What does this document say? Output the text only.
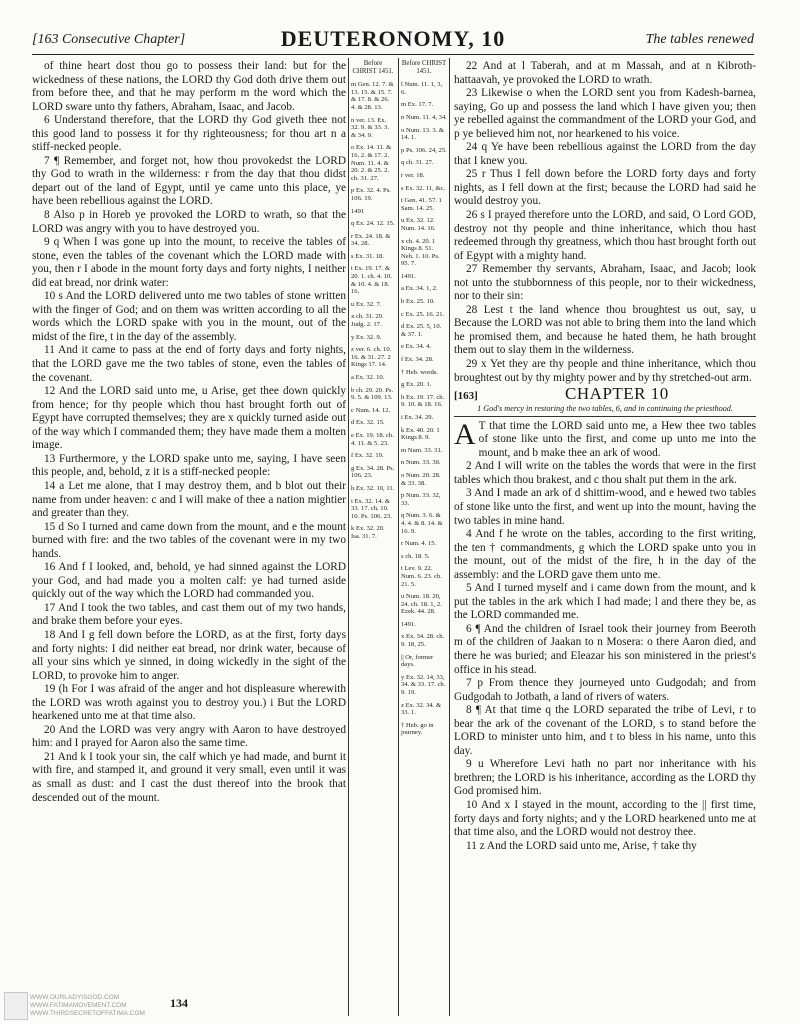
[163 Consecutive Chapter]	DEUTERONOMY, 10	The tables renewed

of thine heart dost thou go to possess their land: but for the wickedness of these nations, the LORD thy God doth drive them out from before thee, and that he may perform m the word which the LORD sware unto thy fathers, Abraham, Isaac, and Jacob.

6 Understand therefore, that the LORD thy God giveth thee not this good land to possess it for thy righteousness; for thou art n a stiff-necked people.

7 ¶ Remember, and forget not, how thou provokedst the LORD thy God to wrath in the wilderness: r from the day that thou didst depart out of the land of Egypt, until ye came unto this place, ye have been rebellious against the LORD.

8 Also p in Horeb ye provoked the LORD to wrath, so that the LORD was angry with you to have destroyed you.

9 q When I was gone up into the mount, to receive the tables of stone, even the tables of the covenant which the LORD made with you, then r I abode in the mount forty days and forty nights, I neither did eat bread, nor drink water:

10 s And the LORD delivered unto me two tables of stone written with the finger of God; and on them was written according to all the words which the LORD spake with you in the mount, out of the midst of the fire, t in the day of the assembly.

11 And it came to pass at the end of forty days and forty nights, that the LORD gave me the two tables of stone, even the tables of the covenant.

12 And the LORD said unto me, u Arise, get thee down quickly from hence; for thy people which thou hast brought forth out of Egypt have corrupted themselves; they are x quickly turned aside out of the way which I commanded them; they have made them a molten image.

13 Furthermore, y the LORD spake unto me, saying, I have seen this people, and, behold, z it is a stiff-necked people:

14 a Let me alone, that I may destroy them, and b blot out their name from under heaven: c and I will make of thee a nation mightier and greater than they.

15 d So I turned and came down from the mount, and e the mount burned with fire: and the two tables of the covenant were in my two hands.

16 And f I looked, and, behold, ye had sinned against the LORD your God, and had made you a molten calf: ye had turned aside quickly out of the way which the LORD had commanded you.

17 And I took the two tables, and cast them out of my two hands, and brake them before your eyes.

18 And I g fell down before the LORD, as at the first, forty days and forty nights: I did neither eat bread, nor drink water, because of all your sins which ye sinned, in doing wickedly in the sight of the LORD, to provoke him to anger.

19 (h For I was afraid of the anger and hot displeasure wherewith the LORD was wroth against you to destroy you.) i But the LORD hearkened unto me at that time also.

20 And the LORD was very angry with Aaron to have destroyed him: and I prayed for Aaron also the same time.

21 And k I took your sin, the calf which ye had made, and burnt it with fire, and stamped it, and ground it very small, even until it was as small as dust: and I cast the dust thereof into the brook that descended out of the mount.

Before CHRIST 1451.
m Gen. 12. 7. & 13. 15. & 15. 7. & 17. 8. & 26. 4. & 28. 13.
n ver. 13. Ex. 32. 9. & 33. 3. & 34. 9.
o Ex. 14. 11. & 16. 2. & 17. 2. Num. 11. 4. & 20. 2. & 25. 2. ch. 31. 27.
p Ex. 32. 4. Ps. 106. 19.
1491
q Ex. 24. 12. 15.
r Ex. 24. 18. & 34. 28.
s Ex. 31. 18.
t Ex. 19. 17. & 20. 1. ch. 4. 10. & 10. 4. & 18. 16.
u Ex. 32. 7.
x ch. 31. 29. Judg. 2. 17.
y Ex. 32. 9.
z ver. 6. ch. 10. 16. & 31. 27. 2 Kings 17. 14.
a Ex. 32. 10.
b ch. 29. 20. Ps. 9. 5. & 109. 13.
c Num. 14. 12.
d Ex. 32. 15.
e Ex. 19. 18. ch. 4. 11. & 5. 23.
f Ex. 32. 19.
g Ex. 34. 28. Ps. 106. 23.
h Ex. 32. 10, 11.
i Ex. 32. 14. & 33. 17. ch. 10. 10. Ps. 106. 23.
k Ex. 32. 20. Isa. 31. 7.
Before CHRIST 1451.
l Num. 11. 1, 3, 6.
m Ex. 17. 7.
n Num. 11. 4, 34.
o Num. 13. 3. & 14. 1.
p Ps. 106. 24, 25.
q ch. 31. 27.
r ver. 18.
s Ex. 32. 11, &c.
t Gen. 41. 57. 1 Sam. 14. 25.
u Ex. 32. 12. Num. 14. 16.
x ch. 4. 20. 1 Kings 8. 51. Neh. 1. 10. Ps. 95. 7.
1491.
a Ex. 34. 1, 2.
b Ex. 25. 10.
c Ex. 25. 16. 21.
d Ex. 25. 5, 10. & 37. 1.
e Ex. 34. 4.
f Ex. 34. 28.
† Heb. words.
g Ex. 20. 1.
h Ex. 19. 17. ch. 9. 10. & 18. 16.
i Ex. 34. 29.
k Ex. 40. 20. 1 Kings 8. 9.
m Num. 33. 31.
n Num. 33. 30.
o Num. 20. 28. & 33. 38.
p Num. 33. 32, 33.
q Num. 3. 6. & 4. 4. & 8. 14. & 16. 9.
r Num. 4. 15.
s ch. 18. 5.
t Lev. 9. 22. Num. 6. 23. ch. 21. 5.
u Num. 18. 20, 24. ch. 18. 1, 2. Ezek. 44. 28.
1491.
x Ex. 34. 28. ch. 9. 18, 25.
|| Or, former days.
y Ex. 32. 14, 33, 34. & 33. 17. ch. 9. 19.
z Ex. 32. 34. & 33. 1.
† Heb. go in journey.

22 And at l Taberah, and at m Massah, and at n Kibroth-hattaavah, ye provoked the LORD to wrath.

23 Likewise o when the LORD sent you from Kadesh-barnea, saying, Go up and possess the land which I have given you; then ye rebelled against the commandment of the LORD your God, and p ye believed him not, nor hearkened to his voice.

24 q Ye have been rebellious against the LORD from the day that I knew you.

25 r Thus I fell down before the LORD forty days and forty nights, as I fell down at the first; because the LORD had said he would destroy you.

26 s I prayed therefore unto the LORD, and said, O Lord GOD, destroy not thy people and thine inheritance, which thou hast redeemed through thy greatness, which thou hast brought forth out of Egypt with a mighty hand.

27 Remember thy servants, Abraham, Isaac, and Jacob; look not unto the stubbornness of this people, nor to their wickedness, nor to their sin:

28 Lest t the land whence thou broughtest us out, say, u Because the LORD was not able to bring them into the land which he promised them, and because he hated them, he hath brought them out to slay them in the wilderness.

29 x Yet they are thy people and thine inheritance, which thou broughtest out by thy mighty power and by thy stretched-out arm.

[163]	CHAPTER 10
1 God's mercy in restoring the two tables, 6, and in continuing the priesthood.

A T that time the LORD said unto me, a Hew thee two tables of stone like unto the first, and come up unto me into the mount, and b make thee an ark of wood.

2 And I will write on the tables the words that were in the first tables which thou brakest, and c thou shalt put them in the ark.

3 And I made an ark of d shittim-wood, and e hewed two tables of stone like unto the first, and went up into the mount, having the two tables in mine hand.

4 And f he wrote on the tables, according to the first writing, the ten † commandments, g which the LORD spake unto you in the mount, out of the midst of the fire, h in the day of the assembly: and the LORD gave them unto me.

5 And I turned myself and i came down from the mount, and k put the tables in the ark which I had made; l and there they be, as the LORD commanded me.

6 ¶ And the children of Israel took their journey from Beeroth m of the children of Jaakan to n Mosera: o there Aaron died, and there he was buried; and Eleazar his son ministered in the priest's office in his stead.

7 p From thence they journeyed unto Gudgodah; and from Gudgodah to Jotbath, a land of rivers of waters.

8 ¶ At that time q the LORD separated the tribe of Levi, r to bear the ark of the covenant of the LORD, s to stand before the LORD to minister unto him, and t to bless in his name, unto this day.

9 u Wherefore Levi hath no part nor inheritance with his brethren; the LORD is his inheritance, according as the LORD thy God promised him.

10 And x I stayed in the mount, according to the || first time, forty days and forty nights; and y the LORD hearkened unto me at that time also, and the LORD would not destroy thee.

11 z And the LORD said unto me, Arise, † take thy

WWW.OURLADYISGOD.COM
WWW.FATIMAMOVEMENT.COM
WWW.THIRDSECRETOFFATIMA.COM
134
